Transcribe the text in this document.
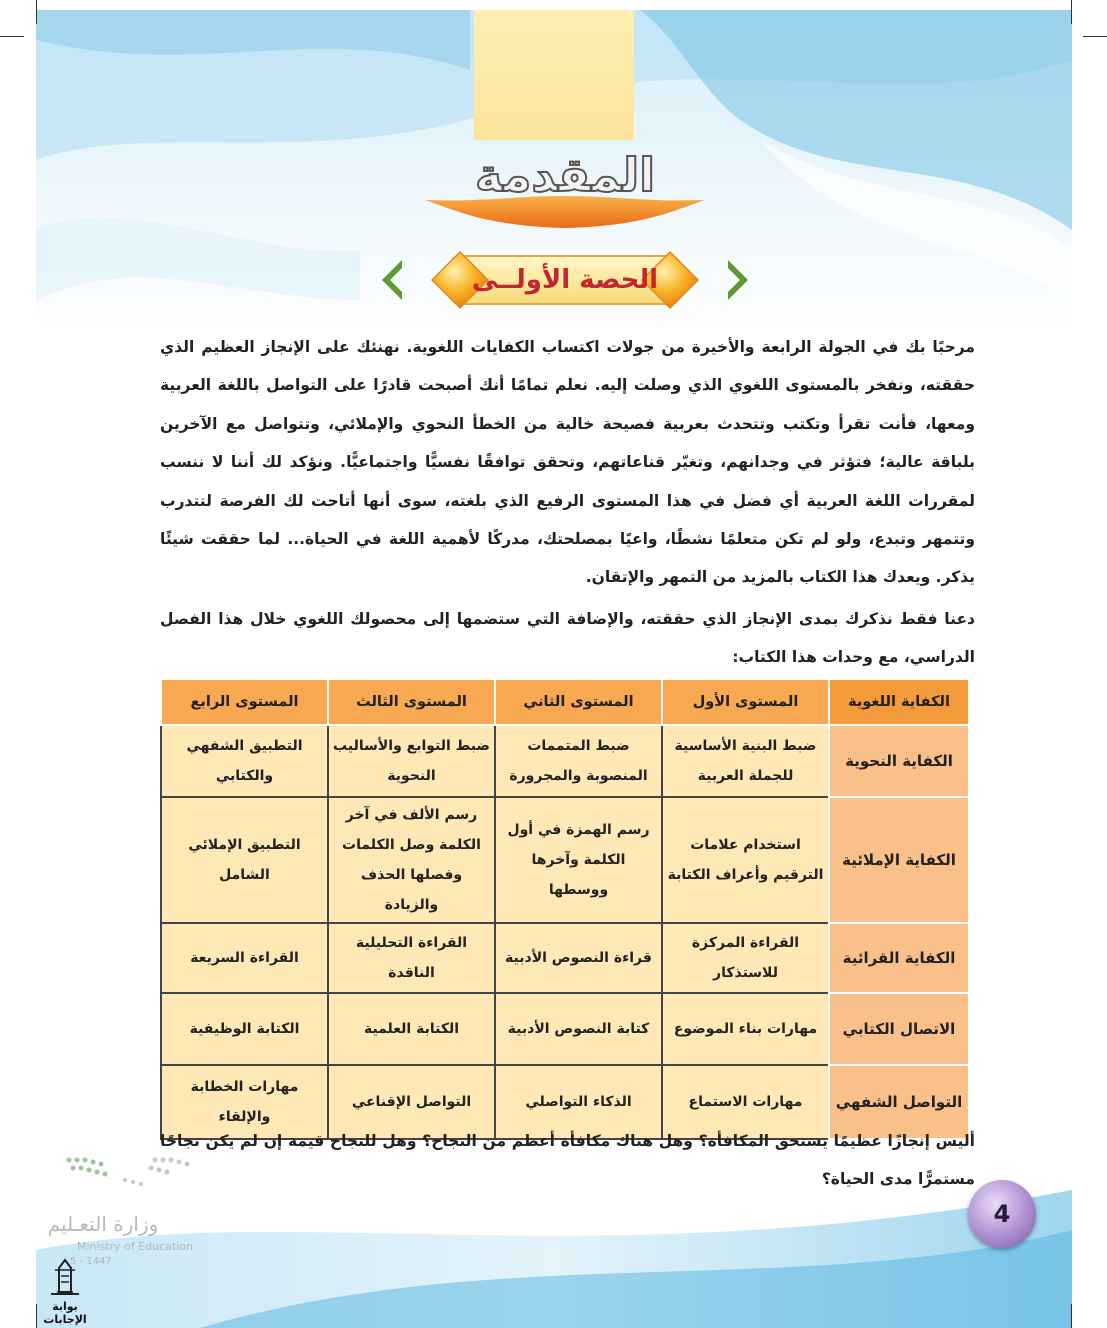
المقدمة
الحصة الأولــى

مرحبًا بك في الجولة الرابعة والأخيرة من جولات اكتساب الكفايات اللغوية. نهنئك على الإنجاز العظيم الذي حققته، ونفخر بالمستوى اللغوي الذي وصلت إليه. نعلم تمامًا أنك أصبحت قادرًا على التواصل باللغة العربية ومعها، فأنت تقرأ وتكتب وتتحدث بعربية فصيحة خالية من الخطأ النحوي والإملائي، وتتواصل مع الآخرين بلباقة عالية؛ فتؤثر في وجدانهم، وتغيّر قناعاتهم، وتحقق توافقًا نفسيًّا واجتماعيًّا. ونؤكد لك أننا لا ننسب لمقررات اللغة العربية أي فضل في هذا المستوى الرفيع الذي بلغته، سوى أنها أتاحت لك الفرصة لتتدرب وتتمهر وتبدع، ولو لم تكن متعلمًا نشطًا، واعيًا بمصلحتك، مدركًا لأهمية اللغة في الحياة... لما حققت شيئًا يذكر. ويعدك هذا الكتاب بالمزيد من التمهر والإتقان.

دعنا فقط نذكرك بمدى الإنجاز الذي حققته، والإضافة التي ستضمها إلى محصولك اللغوي خلال هذا الفصل الدراسي، مع وحدات هذا الكتاب:

الكفاية اللغوية	المستوى الأول	المستوى الثاني	المستوى الثالث	المستوى الرابع
الكفاية النحوية	ضبط البنية الأساسية للجملة العربية	ضبط المتممات المنصوبة والمجرورة	ضبط التوابع والأساليب النحوية	التطبيق الشفهي والكتابي
الكفاية الإملائية	استخدام علامات الترقيم وأعراف الكتابة	رسم الهمزة في أول الكلمة وآخرها ووسطها	رسم الألف في آخر الكلمة وصل الكلمات وفصلها الحذف والزيادة	التطبيق الإملائي الشامل
الكفاية القرائية	القراءة المركزة للاستذكار	قراءة النصوص الأدبية	القراءة التحليلية الناقدة	القراءة السريعة
الاتصال الكتابي	مهارات بناء الموضوع	كتابة النصوص الأدبية	الكتابة العلمية	الكتابة الوظيفية
التواصل الشفهي	مهارات الاستماع	الذكاء التواصلي	التواصل الإقناعي	مهارات الخطابة والإلقاء

أليس إنجازًا عظيمًا يستحق المكافأة؟ وهل هناك مكافأة أعظم من النجاح؟ وهل للنجاح قيمة إن لم يكن نجاحًا مستمرًّا مدى الحياة؟

وزارة التعـليم
Ministry of Education
5 - 1447
بوابة الإجابات
4
